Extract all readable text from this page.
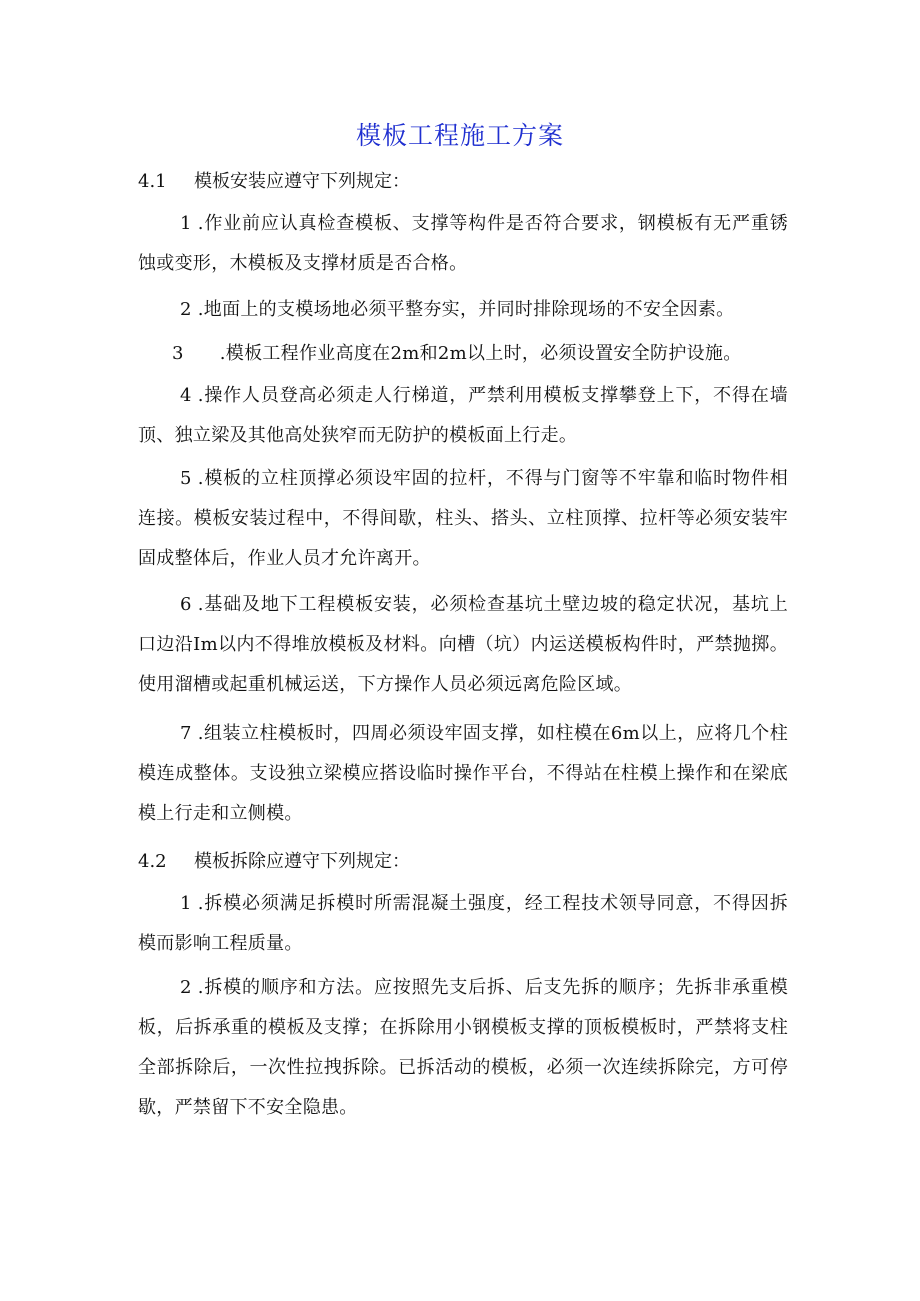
模板工程施工方案
4.1 模板安装应遵守下列规定：
1 .作业前应认真检查模板、支撑等构件是否符合要求，钢模板有无严重锈蚀或变形，木模板及支撑材质是否合格。
2 .地面上的支模场地必须平整夯实，并同时排除现场的不安全因素。
3 .模板工程作业高度在2m和2m以上时，必须设置安全防护设施。
4 .操作人员登高必须走人行梯道，严禁利用模板支撑攀登上下，不得在墙顶、独立梁及其他高处狭窄而无防护的模板面上行走。
5 .模板的立柱顶撑必须设牢固的拉杆，不得与门窗等不牢靠和临时物件相连接。模板安装过程中，不得间歇，柱头、搭头、立柱顶撑、拉杆等必须安装牢固成整体后，作业人员才允许离开。
6 .基础及地下工程模板安装，必须检查基坑土壁边坡的稳定状况，基坑上口边沿Im以内不得堆放模板及材料。向槽（坑）内运送模板构件时，严禁抛掷。使用溜槽或起重机械运送，下方操作人员必须远离危险区域。
7 .组装立柱模板时，四周必须设牢固支撑，如柱模在6m以上，应将几个柱模连成整体。支设独立梁模应搭设临时操作平台，不得站在柱模上操作和在梁底模上行走和立侧模。
4.2 模板拆除应遵守下列规定：
1 .拆模必须满足拆模时所需混凝土强度，经工程技术领导同意，不得因拆模而影响工程质量。
2 .拆模的顺序和方法。应按照先支后拆、后支先拆的顺序；先拆非承重模板，后拆承重的模板及支撑；在拆除用小钢模板支撑的顶板模板时，严禁将支柱全部拆除后，一次性拉拽拆除。已拆活动的模板，必须一次连续拆除完，方可停歇，严禁留下不安全隐患。
